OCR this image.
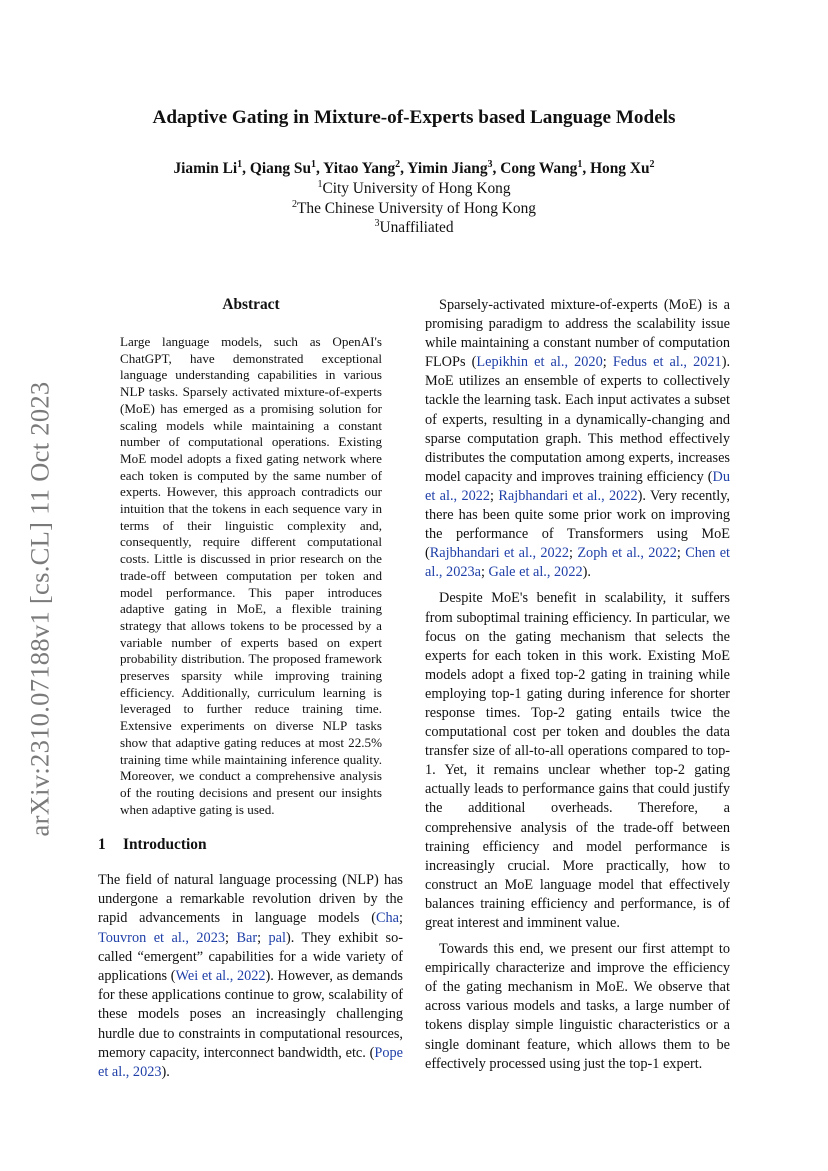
arXiv:2310.07188v1 [cs.CL] 11 Oct 2023
Adaptive Gating in Mixture-of-Experts based Language Models
Jiamin Li$^1$, Qiang Su$^1$, Yitao Yang$^2$, Yimin Jiang$^3$, Cong Wang$^1$, Hong Xu$^2$
$^1$City University of Hong Kong
$^2$The Chinese University of Hong Kong
$^3$Unaffiliated
Abstract
Large language models, such as OpenAI's ChatGPT, have demonstrated exceptional language understanding capabilities in various NLP tasks. Sparsely activated mixture-of-experts (MoE) has emerged as a promising solution for scaling models while maintaining a constant number of computational operations. Existing MoE model adopts a fixed gating network where each token is computed by the same number of experts. However, this approach contradicts our intuition that the tokens in each sequence vary in terms of their linguistic complexity and, consequently, require different computational costs. Little is discussed in prior research on the trade-off between computation per token and model performance. This paper introduces adaptive gating in MoE, a flexible training strategy that allows tokens to be processed by a variable number of experts based on expert probability distribution. The proposed framework preserves sparsity while improving training efficiency. Additionally, curriculum learning is leveraged to further reduce training time. Extensive experiments on diverse NLP tasks show that adaptive gating reduces at most 22.5% training time while maintaining inference quality. Moreover, we conduct a comprehensive analysis of the routing decisions and present our insights when adaptive gating is used.
1 Introduction

The field of natural language processing (NLP) has undergone a remarkable revolution driven by the rapid advancements in language models (Cha; Touvron et al., 2023; Bar; pal). They exhibit so-called “emergent” capabilities for a wide variety of applications (Wei et al., 2022). However, as demands for these applications continue to grow, scalability of these models poses an increasingly challenging hurdle due to constraints in computational resources, memory capacity, interconnect bandwidth, etc. (Pope et al., 2023).

Sparsely-activated mixture-of-experts (MoE) is a promising paradigm to address the scalability issue while maintaining a constant number of computation FLOPs (Lepikhin et al., 2020; Fedus et al., 2021). MoE utilizes an ensemble of experts to collectively tackle the learning task. Each input activates a subset of experts, resulting in a dynamically-changing and sparse computation graph. This method effectively distributes the computation among experts, increases model capacity and improves training efficiency (Du et al., 2022; Rajbhandari et al., 2022). Very recently, there has been quite some prior work on improving the performance of Transformers using MoE (Rajbhandari et al., 2022; Zoph et al., 2022; Chen et al., 2023a; Gale et al., 2022).

Despite MoE's benefit in scalability, it suffers from suboptimal training efficiency. In particular, we focus on the gating mechanism that selects the experts for each token in this work. Existing MoE models adopt a fixed top-2 gating in training while employing top-1 gating during inference for shorter response times. Top-2 gating entails twice the computational cost per token and doubles the data transfer size of all-to-all operations compared to top-1. Yet, it remains unclear whether top-2 gating actually leads to performance gains that could justify the additional overheads. Therefore, a comprehensive analysis of the trade-off between training efficiency and model performance is increasingly crucial. More practically, how to construct an MoE language model that effectively balances training efficiency and performance, is of great interest and imminent value.

Towards this end, we present our first attempt to empirically characterize and improve the efficiency of the gating mechanism in MoE. We observe that across various models and tasks, a large number of tokens display simple linguistic characteristics or a single dominant feature, which allows them to be effectively processed using just the top-1 expert.
